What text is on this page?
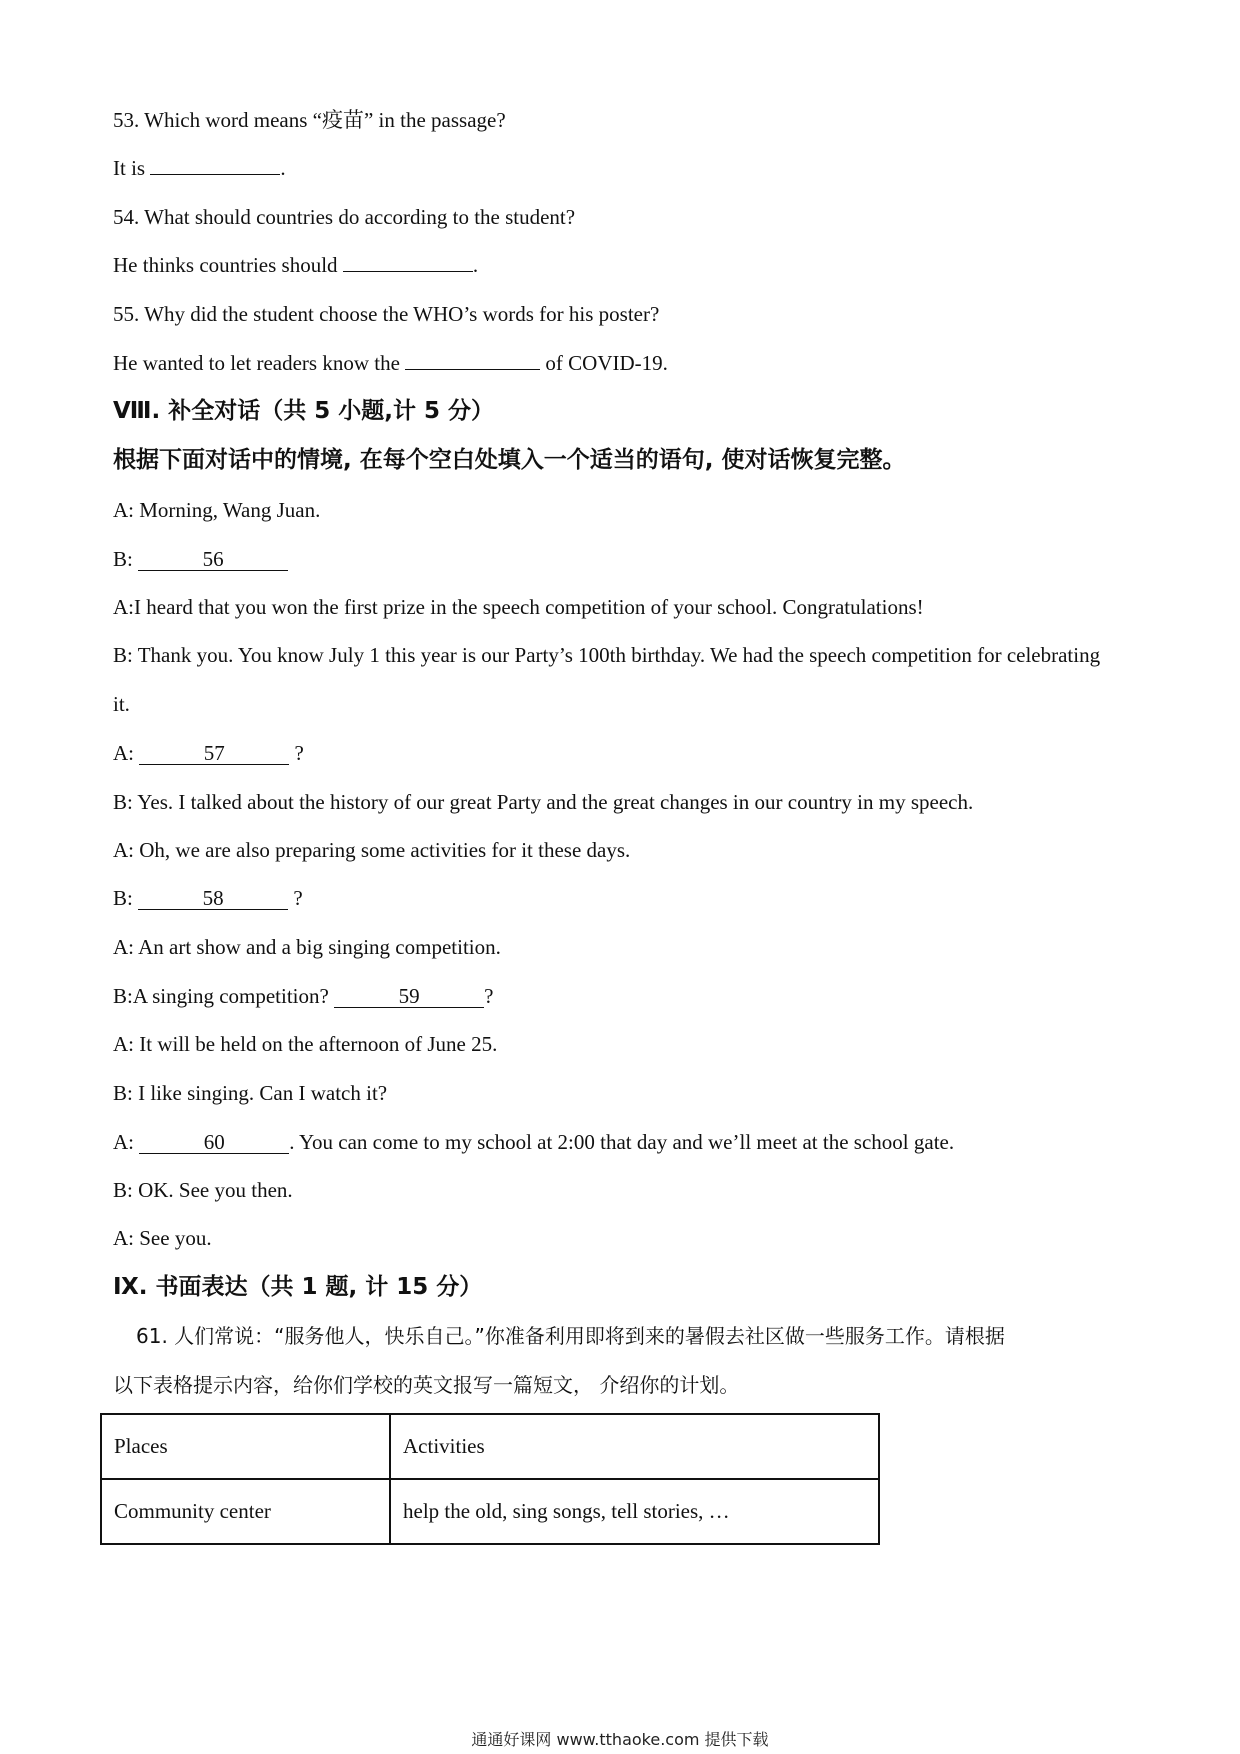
53. Which word means “疫苗” in the passage?
It is	.
54. What should countries do according to the student?
He thinks countries should	.
55. Why did the student choose the WHO’s words for his poster?
He wanted to let readers know the	of COVID-19.
Ⅷ. 补全对话（共 5 小题,计 5 分）
根据下面对话中的情境, 在每个空白处填入一个适当的语句, 使对话恢复完整。
A: Morning, Wang Juan.
B:	56
A:I heard that you won the first prize in the speech competition of your school. Congratulations!
B: Thank you. You know July 1 this year is our Party’s 100th birthday. We had the speech competition for celebrating
it.
A:	57	?
B: Yes. I talked about the history of our great Party and the great changes in our country in my speech.
A: Oh, we are also preparing some activities for it these days.
B:	58	?
A: An art show and a big singing competition.
B:A singing competition?	59	?
A: It will be held on the afternoon of June 25.
B: I like singing. Can I watch it?
A:	60	. You can come to my school at 2:00 that day and we’ll meet at the school gate.
B: OK. See you then.
A: See you.
Ⅸ. 书面表达（共 1 题, 计 15 分）
61. 人们常说：“服务他人，快乐自己。”你准备利用即将到来的暑假去社区做一些服务工作。请根据
以下表格提示内容，给你们学校的英文报写一篇短文， 介绍你的计划。
Places	Activities
Community center	help the old, sing songs, tell stories, …
通通好课网 www.tthaoke.com 提供下载
